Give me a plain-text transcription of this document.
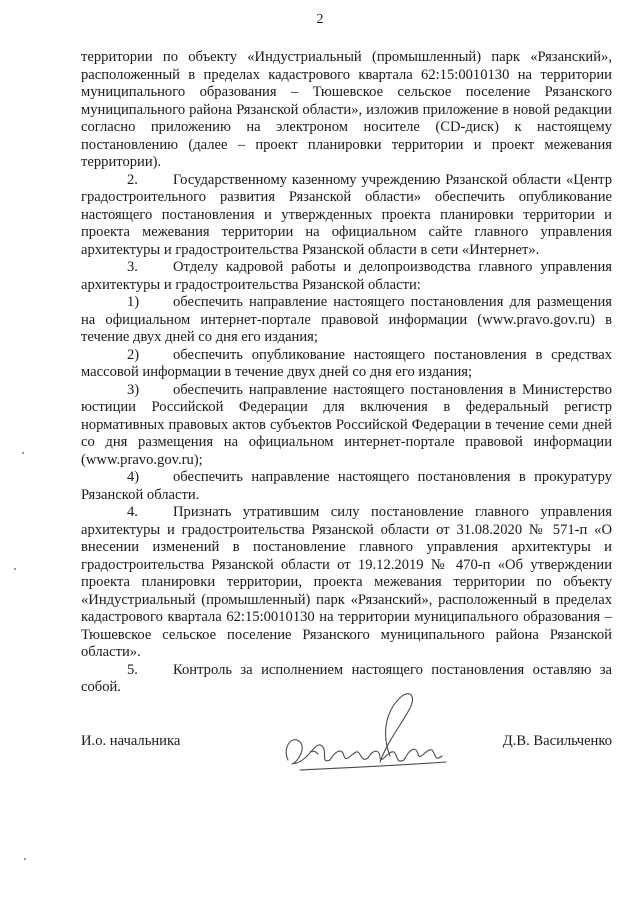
2

территории по объекту «Индустриальный (промышленный) парк «Рязанский», расположенный в пределах кадастрового квартала 62:15:0010130 на территории муниципального образования – Тюшевское сельское поселение Рязанского муниципального района Рязанской области», изложив приложение в новой редакции согласно приложению на электроном носителе (CD-диск) к настоящему постановлению (далее – проект планировки территории и проект межевания территории).

2. Государственному казенному учреждению Рязанской области «Центр градостроительного развития Рязанской области» обеспечить опубликование настоящего постановления и утвержденных проекта планировки территории и проекта межевания территории на официальном сайте главного управления архитектуры и градостроительства Рязанской области в сети «Интернет».

3. Отделу кадровой работы и делопроизводства главного управления архитектуры и градостроительства Рязанской области:

1) обеспечить направление настоящего постановления для размещения на официальном интернет-портале правовой информации (www.pravo.gov.ru) в течение двух дней со дня его издания;

2) обеспечить опубликование настоящего постановления в средствах массовой информации в течение двух дней со дня его издания;

3) обеспечить направление настоящего постановления в Министерство юстиции Российской Федерации для включения в федеральный регистр нормативных правовых актов субъектов Российской Федерации в течение семи дней со дня размещения на официальном интернет-портале правовой информации (www.pravo.gov.ru);

4) обеспечить направление настоящего постановления в прокуратуру Рязанской области.

4. Признать утратившим силу постановление главного управления архитектуры и градостроительства Рязанской области от 31.08.2020 № 571-п «О внесении изменений в постановление главного управления архитектуры и градостроительства Рязанской области от 19.12.2019 № 470-п «Об утверждении проекта планировки территории, проекта межевания территории по объекту «Индустриальный (промышленный) парк «Рязанский», расположенный в пределах кадастрового квартала 62:15:0010130 на территории муниципального образования – Тюшевское сельское поселение Рязанского муниципального района Рязанской области».

5. Контроль за исполнением настоящего постановления оставляю за собой.

И.о. начальника	Д.В. Васильченко
